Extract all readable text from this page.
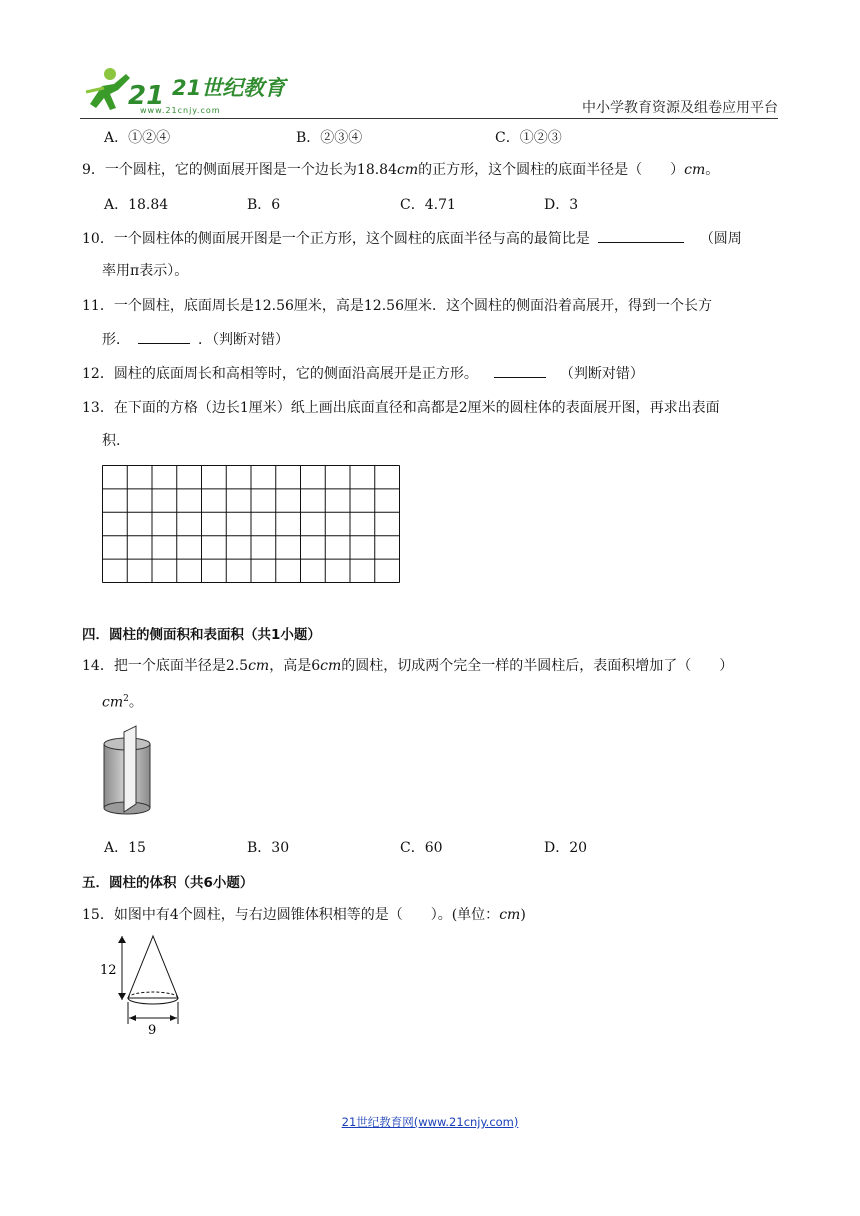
21 21世纪教育
www.21cnjy.com	中小学教育资源及组卷应用平台
A．①②④	B．②③④	C．①②③
9．一个圆柱，它的侧面展开图是一个边长为18.84cm的正方形，这个圆柱的底面半径是（　　）cm。
A．18.84	B．6	C．4.71	D．3
10．一个圆柱体的侧面展开图是一个正方形，这个圆柱的底面半径与高的最简比是	（圆周
率用π表示）。
11．一个圆柱，底面周长是12.56厘米，高是12.56厘米．这个圆柱的侧面沿着高展开，得到一个长方
形．	．（判断对错）
12．圆柱的底面周长和高相等时，它的侧面沿高展开是正方形。	（判断对错）
13．在下面的方格（边长1厘米）纸上画出底面直径和高都是2厘米的圆柱体的表面展开图，再求出表面
积.
四．圆柱的侧面积和表面积（共1小题）
14．把一个底面半径是2.5cm，高是6cm的圆柱，切成两个完全一样的半圆柱后，表面积增加了（　　）
$cm^2$。
A．15	B．30	C．60	D．20
五．圆柱的体积（共6小题）
15．如图中有4个圆柱，与右边圆锥体积相等的是（　　）。(单位：cm)
12
9
21世纪教育网(www.21cnjy.com)
